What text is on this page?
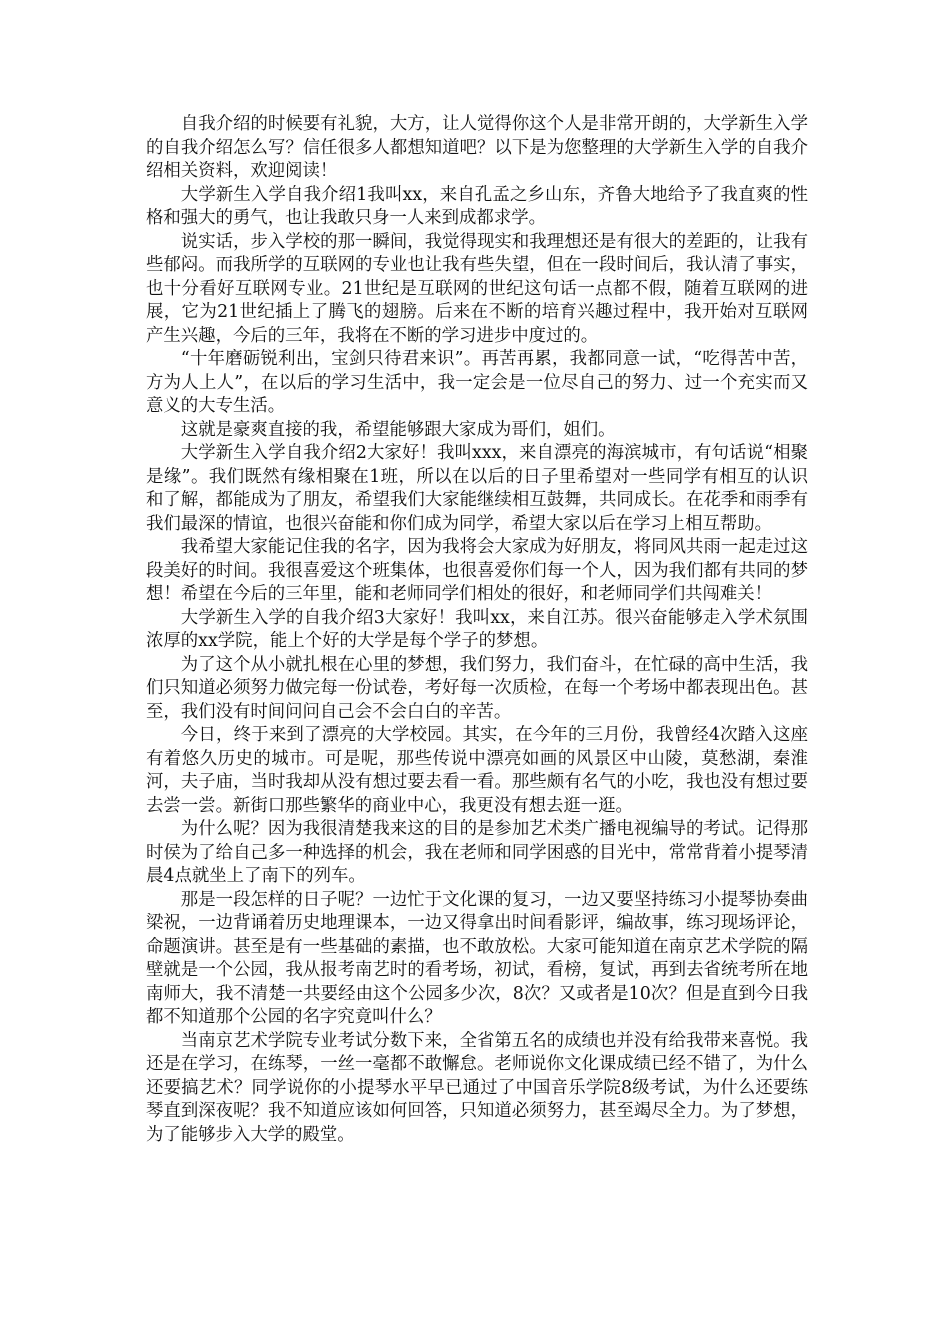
自我介绍的时候要有礼貌，大方，让人觉得你这个人是非常开朗的，大学新生入学的自我介绍怎么写？信任很多人都想知道吧？以下是为您整理的大学新生入学的自我介绍相关资料，欢迎阅读！

大学新生入学自我介绍1我叫xx，来自孔孟之乡山东，齐鲁大地给予了我直爽的性格和强大的勇气，也让我敢只身一人来到成都求学。

说实话，步入学校的那一瞬间，我觉得现实和我理想还是有很大的差距的，让我有些郁闷。而我所学的互联网的专业也让我有些失望，但在一段时间后，我认清了事实，也十分看好互联网专业。21世纪是互联网的世纪这句话一点都不假，随着互联网的进展，它为21世纪插上了腾飞的翅膀。后来在不断的培育兴趣过程中，我开始对互联网产生兴趣，今后的三年，我将在不断的学习进步中度过的。

“十年磨砺锐利出，宝剑只待君来识”。再苦再累，我都同意一试，“吃得苦中苦，方为人上人”，在以后的学习生活中，我一定会是一位尽自己的努力、过一个充实而又意义的大专生活。

这就是豪爽直接的我，希望能够跟大家成为哥们，姐们。

大学新生入学自我介绍2大家好！我叫xxx，来自漂亮的海滨城市，有句话说“相聚是缘”。我们既然有缘相聚在1班，所以在以后的日子里希望对一些同学有相互的认识和了解，都能成为了朋友，希望我们大家能继续相互鼓舞，共同成长。在花季和雨季有我们最深的情谊，也很兴奋能和你们成为同学，希望大家以后在学习上相互帮助。

我希望大家能记住我的名字，因为我将会大家成为好朋友，将同风共雨一起走过这段美好的时间。我很喜爱这个班集体，也很喜爱你们每一个人，因为我们都有共同的梦想！希望在今后的三年里，能和老师同学们相处的很好，和老师同学们共闯难关！

大学新生入学的自我介绍3大家好！我叫xx，来自江苏。很兴奋能够走入学术氛围浓厚的xx学院，能上个好的大学是每个学子的梦想。

为了这个从小就扎根在心里的梦想，我们努力，我们奋斗，在忙碌的高中生活，我们只知道必须努力做完每一份试卷，考好每一次质检，在每一个考场中都表现出色。甚至，我们没有时间问问自己会不会白白的辛苦。

今日，终于来到了漂亮的大学校园。其实，在今年的三月份，我曾经4次踏入这座有着悠久历史的城市。可是呢，那些传说中漂亮如画的风景区中山陵，莫愁湖，秦淮河，夫子庙，当时我却从没有想过要去看一看。那些颇有名气的小吃，我也没有想过要去尝一尝。新街口那些繁华的商业中心，我更没有想去逛一逛。

为什么呢？因为我很清楚我来这的目的是参加艺术类广播电视编导的考试。记得那时侯为了给自己多一种选择的机会，我在老师和同学困惑的目光中，常常背着小提琴清晨4点就坐上了南下的列车。

那是一段怎样的日子呢？一边忙于文化课的复习，一边又要坚持练习小提琴协奏曲梁祝，一边背诵着历史地理课本，一边又得拿出时间看影评，编故事，练习现场评论，命题演讲。甚至是有一些基础的素描，也不敢放松。大家可能知道在南京艺术学院的隔壁就是一个公园，我从报考南艺时的看考场，初试，看榜，复试，再到去省统考所在地南师大，我不清楚一共要经由这个公园多少次，8次？又或者是10次？但是直到今日我都不知道那个公园的名字究竟叫什么？

当南京艺术学院专业考试分数下来，全省第五名的成绩也并没有给我带来喜悦。我还是在学习，在练琴，一丝一毫都不敢懈怠。老师说你文化课成绩已经不错了，为什么还要搞艺术？同学说你的小提琴水平早已通过了中国音乐学院8级考试，为什么还要练琴直到深夜呢？我不知道应该如何回答，只知道必须努力，甚至竭尽全力。为了梦想，为了能够步入大学的殿堂。
